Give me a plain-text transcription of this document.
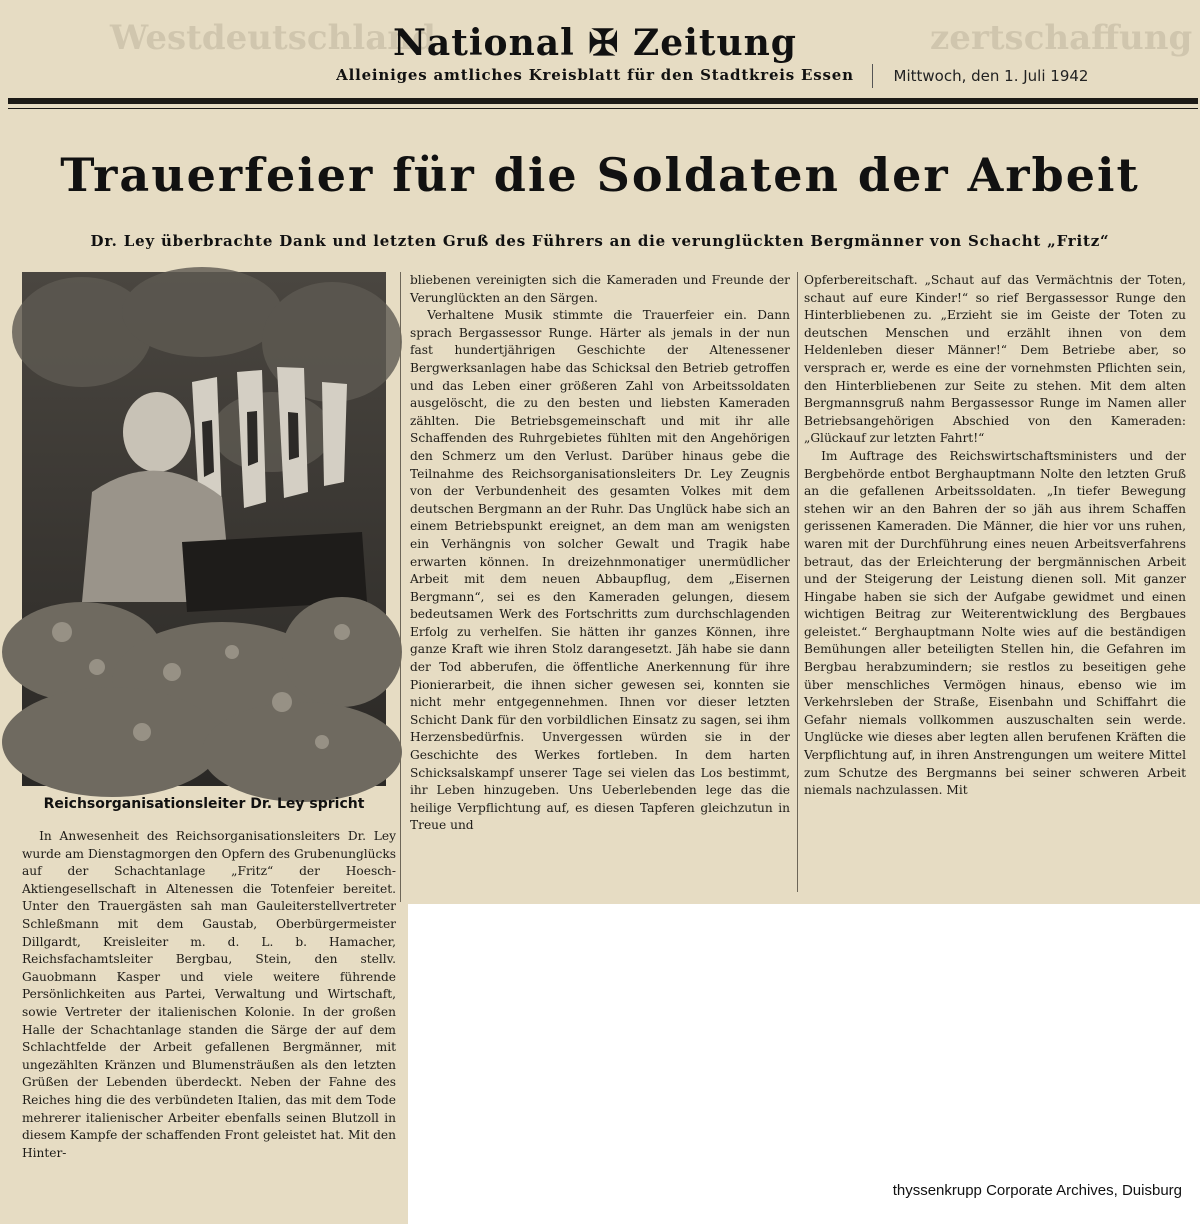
Westdeutschland	zertschaffung
National ✠ Zeitung
Alleiniges amtliches Kreisblatt für den Stadtkreis Essen	Mittwoch, den 1. Juli 1942
Trauerfeier für die Soldaten der Arbeit
Dr. Ley überbrachte Dank und letzten Gruß des Führers an die verunglückten Bergmänner von Schacht „Fritz“
Reichsorganisationsleiter Dr. Ley spricht

In Anwesenheit des Reichsorganisationsleiters Dr. Ley wurde am Dienstagmorgen den Opfern des Grubenunglücks auf der Schachtanlage „Fritz“ der Hoesch-Aktiengesellschaft in Altenessen die Totenfeier bereitet. Unter den Trauergästen sah man Gauleiterstellvertreter Schleßmann mit dem Gaustab, Oberbürgermeister Dillgardt, Kreisleiter m. d. L. b. Hamacher, Reichsfachamtsleiter Bergbau, Stein, den stellv. Gauobmann Kasper und viele weitere führende Persönlichkeiten aus Partei, Verwaltung und Wirtschaft, sowie Vertreter der italienischen Kolonie. In der großen Halle der Schachtanlage standen die Särge der auf dem Schlachtfelde der Arbeit gefallenen Bergmänner, mit ungezählten Kränzen und Blumensträußen als den letzten Grüßen der Lebenden überdeckt. Neben der Fahne des Reiches hing die des verbündeten Italien, das mit dem Tode mehrerer italienischer Arbeiter ebenfalls seinen Blutzoll in diesem Kampfe der schaffenden Front geleistet hat. Mit den Hinter-

bliebenen vereinigten sich die Kameraden und Freunde der Verunglückten an den Särgen.

Verhaltene Musik stimmte die Trauerfeier ein. Dann sprach Bergassessor Runge. Härter als jemals in der nun fast hundertjährigen Geschichte der Altenessener Bergwerksanlagen habe das Schicksal den Betrieb getroffen und das Leben einer größeren Zahl von Arbeitssoldaten ausgelöscht, die zu den besten und liebsten Kameraden zählten. Die Betriebsgemeinschaft und mit ihr alle Schaffenden des Ruhrgebietes fühlten mit den Angehörigen den Schmerz um den Verlust. Darüber hinaus gebe die Teilnahme des Reichsorganisationsleiters Dr. Ley Zeugnis von der Verbundenheit des gesamten Volkes mit dem deutschen Bergmann an der Ruhr. Das Unglück habe sich an einem Betriebspunkt ereignet, an dem man am wenigsten ein Verhängnis von solcher Gewalt und Tragik habe erwarten können. In dreizehnmonatiger unermüdlicher Arbeit mit dem neuen Abbaupflug, dem „Eisernen Bergmann“, sei es den Kameraden gelungen, diesem bedeutsamen Werk des Fortschritts zum durchschlagenden Erfolg zu verhelfen. Sie hätten ihr ganzes Können, ihre ganze Kraft wie ihren Stolz darangesetzt. Jäh habe sie dann der Tod abberufen, die öffentliche Anerkennung für ihre Pionierarbeit, die ihnen sicher gewesen sei, konnten sie nicht mehr entgegennehmen. Ihnen vor dieser letzten Schicht Dank für den vorbildlichen Einsatz zu sagen, sei ihm Herzensbedürfnis. Unvergessen würden sie in der Geschichte des Werkes fortleben. In dem harten Schicksalskampf unserer Tage sei vielen das Los bestimmt, ihr Leben hinzugeben. Uns Ueberlebenden lege das die heilige Verpflichtung auf, es diesen Tapferen gleichzutun in Treue und

Opferbereitschaft. „Schaut auf das Vermächtnis der Toten, schaut auf eure Kinder!“ so rief Bergassessor Runge den Hinterbliebenen zu. „Erzieht sie im Geiste der Toten zu deutschen Menschen und erzählt ihnen von dem Heldenleben dieser Männer!“ Dem Betriebe aber, so versprach er, werde es eine der vornehmsten Pflichten sein, den Hinterbliebenen zur Seite zu stehen. Mit dem alten Bergmannsgruß nahm Bergassessor Runge im Namen aller Betriebsangehörigen Abschied von den Kameraden: „Glückauf zur letzten Fahrt!“

Im Auftrage des Reichswirtschaftsministers und der Bergbehörde entbot Berghauptmann Nolte den letzten Gruß an die gefallenen Arbeitssoldaten. „In tiefer Bewegung stehen wir an den Bahren der so jäh aus ihrem Schaffen gerissenen Kameraden. Die Männer, die hier vor uns ruhen, waren mit der Durchführung eines neuen Arbeitsverfahrens betraut, das der Erleichterung der bergmännischen Arbeit und der Steigerung der Leistung dienen soll. Mit ganzer Hingabe haben sie sich der Aufgabe gewidmet und einen wichtigen Beitrag zur Weiterentwicklung des Bergbaues geleistet.“ Berghauptmann Nolte wies auf die beständigen Bemühungen aller beteiligten Stellen hin, die Gefahren im Bergbau herabzumindern; sie restlos zu beseitigen gehe über menschliches Vermögen hinaus, ebenso wie im Verkehrsleben der Straße, Eisenbahn und Schiffahrt die Gefahr niemals vollkommen auszuschalten sein werde. Unglücke wie dieses aber legten allen berufenen Kräften die Verpflichtung auf, in ihren Anstrengungen um weitere Mittel zum Schutze des Bergmanns bei seiner schweren Arbeit niemals nachzulassen. Mit

thyssenkrupp Corporate Archives, Duisburg
